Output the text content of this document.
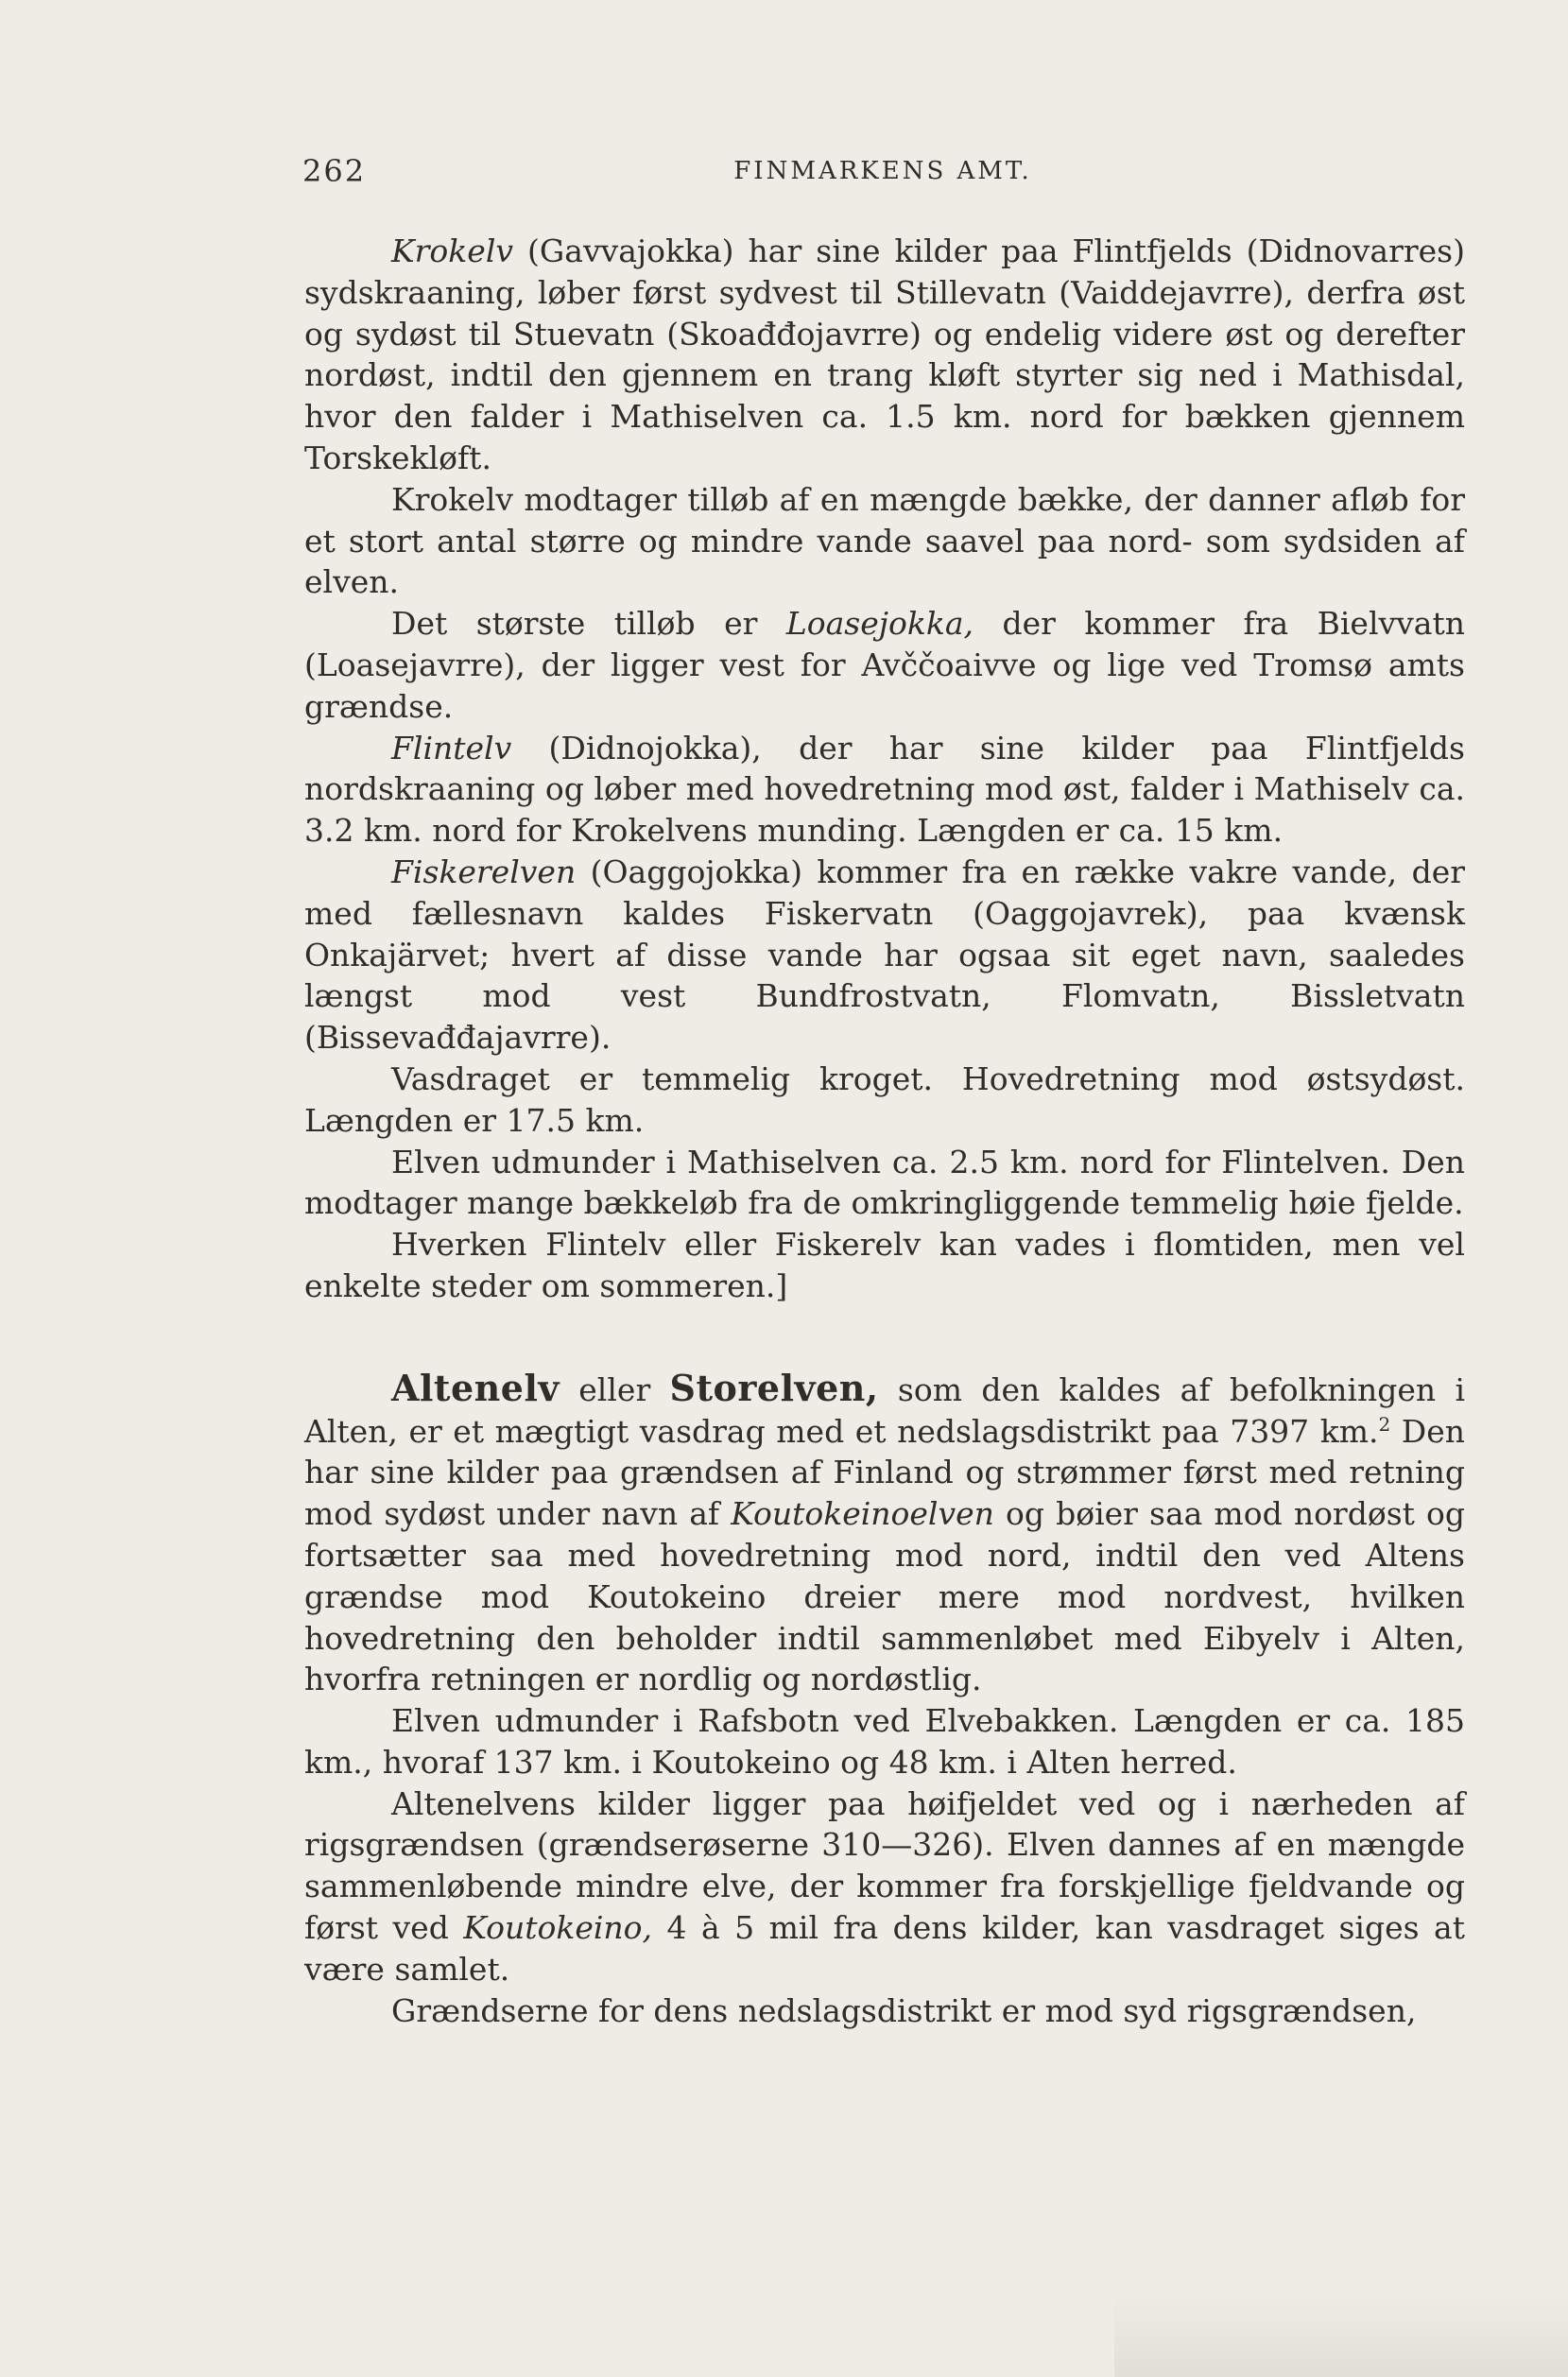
262	FINMARKENS AMT.

Krokelv (Gavvajokka) har sine kilder paa Flintfjelds (Didnovarres) sydskraaning, løber først sydvest til Stillevatn (Vaiddejavrre), derfra øst og sydøst til Stuevatn (Skoađđojavrre) og endelig videre øst og derefter nordøst, indtil den gjennem en trang kløft styrter sig ned i Mathisdal, hvor den falder i Mathiselven ca. 1.5 km. nord for bækken gjennem Torskekløft.

Krokelv modtager tilløb af en mængde bække, der danner afløb for et stort antal større og mindre vande saavel paa nord- som sydsiden af elven.

Det største tilløb er Loasejokka, der kommer fra Bielvvatn (Loasejavrre), der ligger vest for Avččoaivve og lige ved Tromsø amts grændse.

Flintelv (Didnojokka), der har sine kilder paa Flintfjelds nordskraaning og løber med hovedretning mod øst, falder i Mathiselv ca. 3.2 km. nord for Krokelvens munding. Længden er ca. 15 km.

Fiskerelven (Oaggojokka) kommer fra en række vakre vande, der med fællesnavn kaldes Fiskervatn (Oaggojavrek), paa kvænsk Onkajärvet; hvert af disse vande har ogsaa sit eget navn, saaledes længst mod vest Bundfrostvatn, Flomvatn, Bissletvatn (Bissevađđajavrre).

Vasdraget er temmelig kroget. Hovedretning mod østsydøst. Længden er 17.5 km.

Elven udmunder i Mathiselven ca. 2.5 km. nord for Flintelven. Den modtager mange bækkeløb fra de omkringliggende temmelig høie fjelde.

Hverken Flintelv eller Fiskerelv kan vades i flomtiden, men vel enkelte steder om sommeren.]

Altenelv eller Storelven, som den kaldes af befolkningen i Alten, er et mægtigt vasdrag med et nedslagsdistrikt paa 7397 km.$^2$ Den har sine kilder paa grændsen af Finland og strømmer først med retning mod sydøst under navn af Koutokeinoelven og bøier saa mod nordøst og fortsætter saa med hovedretning mod nord, indtil den ved Altens grændse mod Koutokeino dreier mere mod nordvest, hvilken hovedretning den beholder indtil sammenløbet med Eibyelv i Alten, hvorfra retningen er nordlig og nordøstlig.

Elven udmunder i Rafsbotn ved Elvebakken. Længden er ca. 185 km., hvoraf 137 km. i Koutokeino og 48 km. i Alten herred.

Altenelvens kilder ligger paa høifjeldet ved og i nærheden af rigsgrændsen (grændserøserne 310—326). Elven dannes af en mængde sammenløbende mindre elve, der kommer fra forskjellige fjeldvande og først ved Koutokeino, 4 à 5 mil fra dens kilder, kan vasdraget siges at være samlet.

Grændserne for dens nedslagsdistrikt er mod syd rigsgrændsen,
